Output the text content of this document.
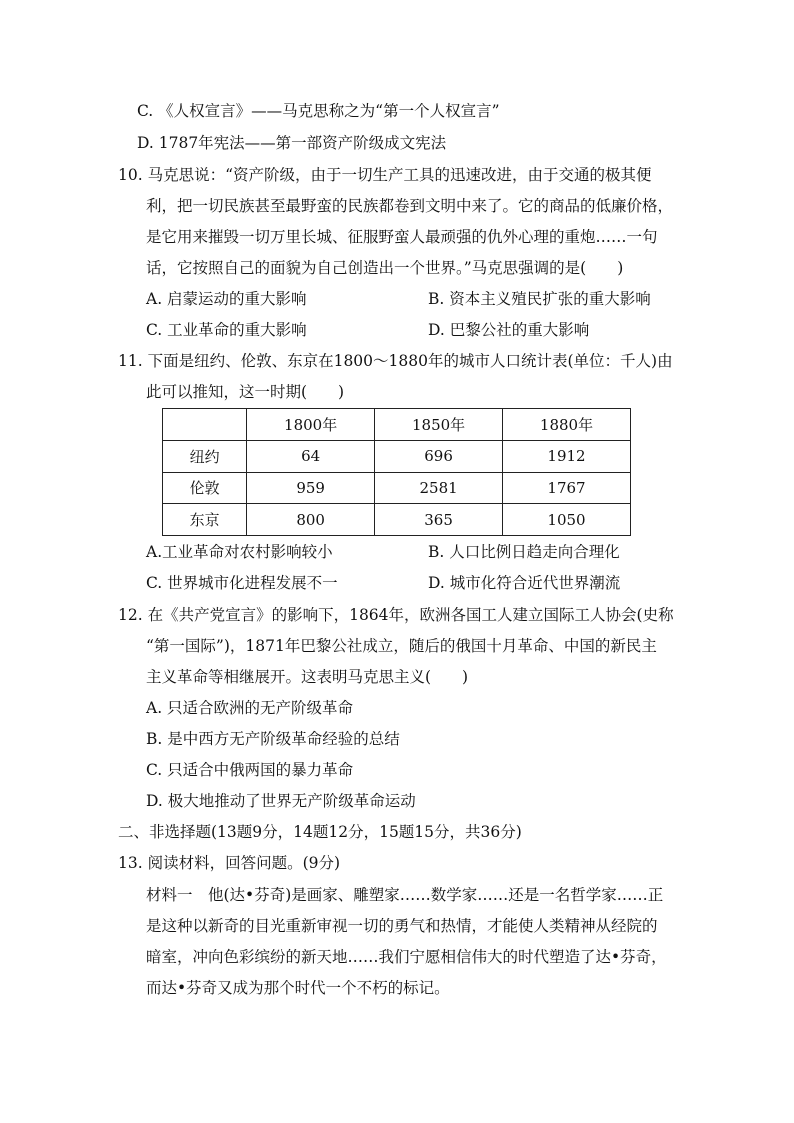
C. 《人权宣言》——马克思称之为“第一个人权宣言”
D. 1787年宪法——第一部资产阶级成文宪法
10. 马克思说：“资产阶级，由于一切生产工具的迅速改进，由于交通的极其便
利，把一切民族甚至最野蛮的民族都卷到文明中来了。它的商品的低廉价格，
是它用来摧毁一切万里长城、征服野蛮人最顽强的仇外心理的重炮……一句
话，它按照自己的面貌为自己创造出一个世界。”马克思强调的是(　　)
A. 启蒙运动的重大影响	B. 资本主义殖民扩张的重大影响
C. 工业革命的重大影响	D. 巴黎公社的重大影响
11. 下面是纽约、伦敦、东京在1800～1880年的城市人口统计表(单位：千人)由
此可以推知，这一时期(　　)
	1800年	1850年	1880年
纽约	64	696	1912
伦敦	959	2581	1767
东京	800	365	1050
A.工业革命对农村影响较小	B. 人口比例日趋走向合理化
C. 世界城市化进程发展不一	D. 城市化符合近代世界潮流
12. 在《共产党宣言》的影响下，1864年，欧洲各国工人建立国际工人协会(史称
“第一国际”)，1871年巴黎公社成立，随后的俄国十月革命、中国的新民主
主义革命等相继展开。这表明马克思主义(　　)
A. 只适合欧洲的无产阶级革命
B. 是中西方无产阶级革命经验的总结
C. 只适合中俄两国的暴力革命
D. 极大地推动了世界无产阶级革命运动
二、非选择题(13题9分，14题12分，15题15分，共36分)
13. 阅读材料，回答问题。(9分)
材料一　他(达•芬奇)是画家、雕塑家……数学家……还是一名哲学家……正
是这种以新奇的目光重新审视一切的勇气和热情，才能使人类精神从经院的
暗室，冲向色彩缤纷的新天地……我们宁愿相信伟大的时代塑造了达•芬奇，
而达•芬奇又成为那个时代一个不朽的标记。
